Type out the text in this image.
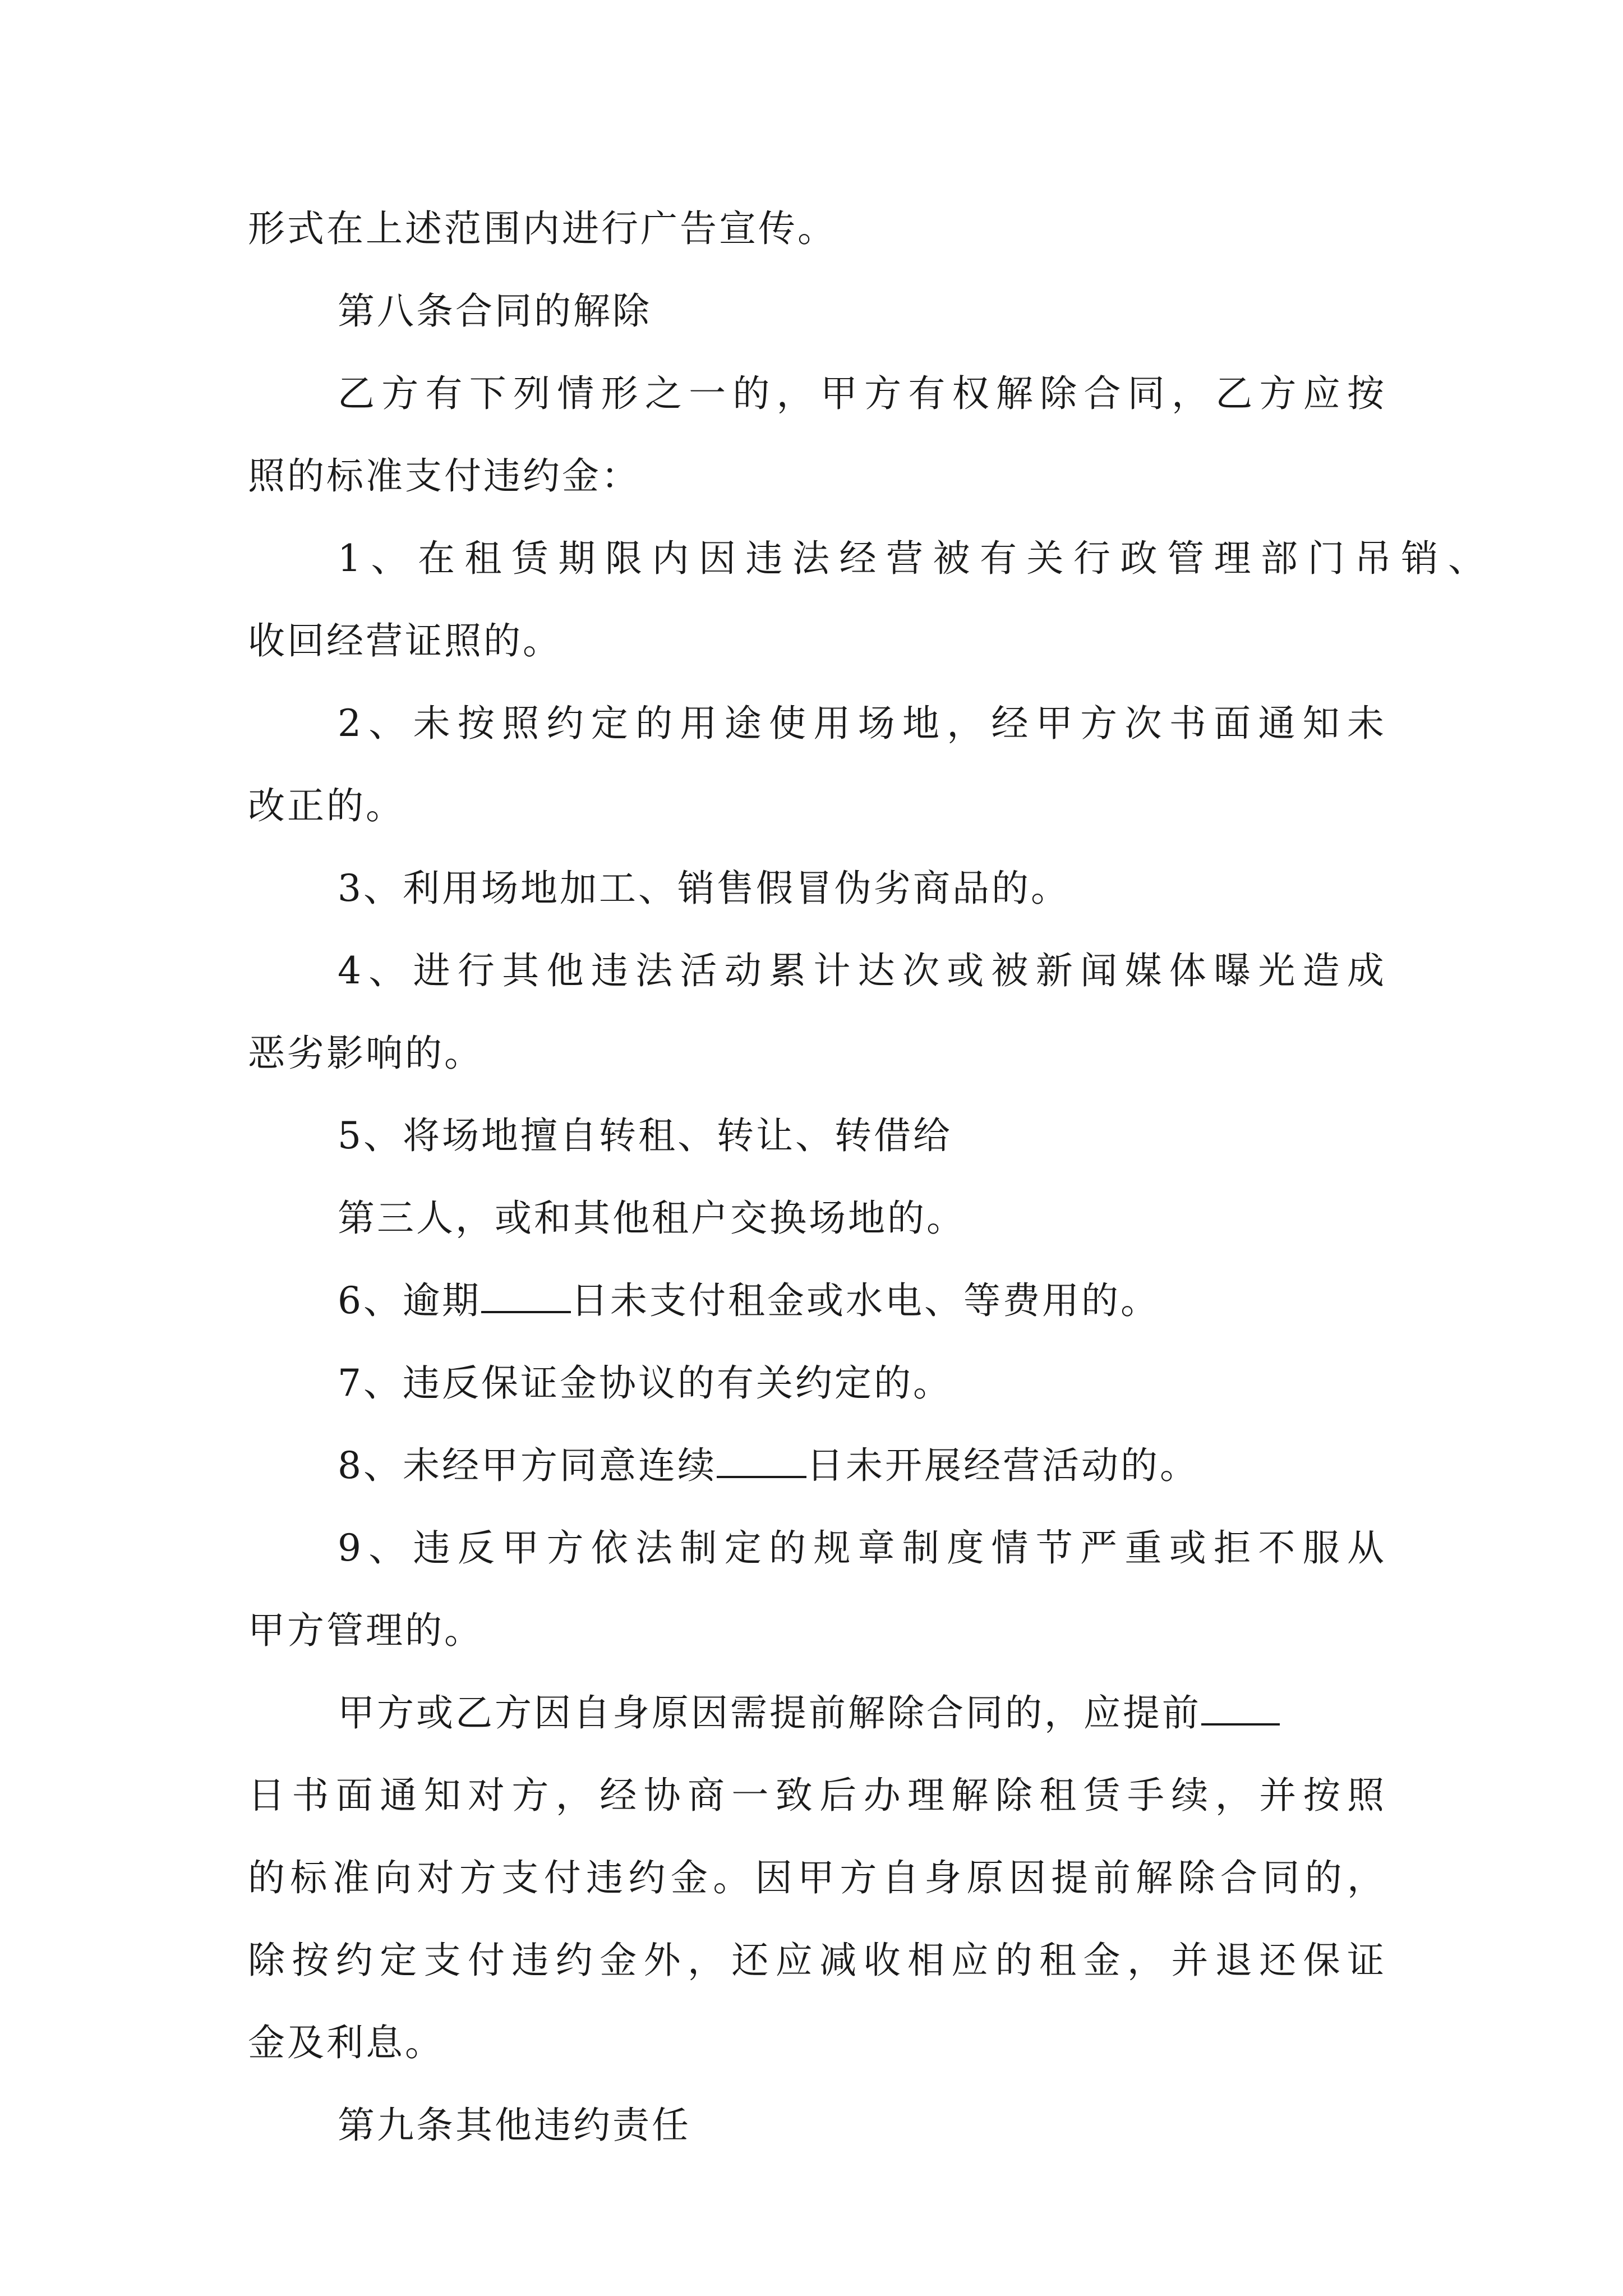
形式在上述范围内进行广告宣传。
第八条合同的解除
乙方有下列情形之一的，甲方有权解除合同，乙方应按
照的标准支付违约金：
1、在租赁期限内因违法经营被有关行政管理部门吊销、
收回经营证照的。
2、未按照约定的用途使用场地，经甲方次书面通知未
改正的。
3、利用场地加工、销售假冒伪劣商品的。
4、进行其他违法活动累计达次或被新闻媒体曝光造成
恶劣影响的。
5、将场地擅自转租、转让、转借给
第三人，或和其他租户交换场地的。
6、逾期 日未支付租金或水电、等费用的。
7、违反保证金协议的有关约定的。
8、未经甲方同意连续 日未开展经营活动的。
9、违反甲方依法制定的规章制度情节严重或拒不服从
甲方管理的。
甲方或乙方因自身原因需提前解除合同的，应提前
日书面通知对方，经协商一致后办理解除租赁手续，并按照
的标准向对方支付违约金。因甲方自身原因提前解除合同的，
除按约定支付违约金外，还应减收相应的租金，并退还保证
金及利息。
第九条其他违约责任
